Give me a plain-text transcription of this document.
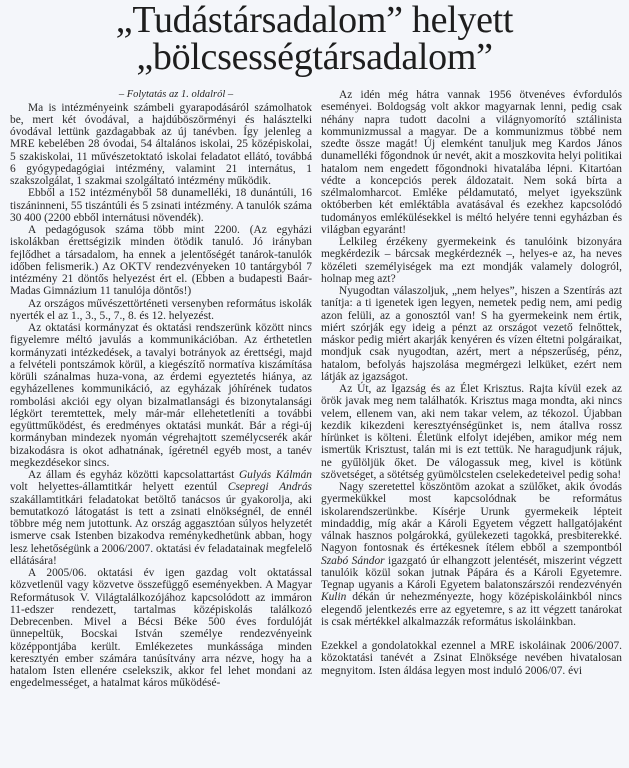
„Tudástársadalom” helyett
„bölcsességtársadalom”
– Folytatás az 1. oldalról –

Ma is intézményeink számbeli gyarapodásáról számolhatok be, mert két óvodával, a hajdúböszörményi és halásztelki óvodával lettünk gazdagabbak az új tanévben. Így jelenleg a MRE kebelében 28 óvodai, 54 általános iskolai, 25 középiskolai, 5 szakiskolai, 11 művészetoktató iskolai feladatot ellátó, továbbá 6 gyógypedagógiai intézmény, valamint 21 internátus, 1 szakszolgálat, 1 szakmai szolgáltató intézmény működik.

Ebből a 152 intézményből 58 dunamelléki, 18 dunántúli, 16 tiszáninneni, 55 tiszántúli és 5 zsinati intézmény. A tanulók száma 30 400 (2200 ebből internátusi növendék).

A pedagógusok száma több mint 2200. (Az egyházi iskolákban érettségizik minden ötödik tanuló. Jó irányban fejlődhet a társadalom, ha ennek a jelentőségét tanárok-tanulók időben felismerik.) Az OKTV rendezvényeken 10 tantárgyból 7 intézmény 21 döntős helyezést ért el. (Ebben a budapesti Baár-Madas Gimnázium 11 tanulója döntős!)

Az országos művészettörténeti versenyben református iskolák nyerték el az 1., 3., 5., 7., 8. és 12. helyezést.

Az oktatási kormányzat és oktatási rendszerünk között nincs figyelemre méltó javulás a kommunikációban. Az érthetetlen kormányzati intézkedések, a tavalyi botrányok az érettségi, majd a felvételi pontszámok körül, a kiegészítő normatíva kiszámítása körüli szánalmas huza-vona, az érdemi egyeztetés hiánya, az egyházellenes kommunikáció, az egyházak jóhírének tudatos rombolási akciói egy olyan bizalmatlansági és bizonytalansági légkört teremtettek, mely már-már ellehetetleníti a további együttműködést, és eredményes oktatási munkát. Bár a régi-új kormányban mindezek nyomán végrehajtott személycserék akár bizakodásra is okot adhatnának, ígéretnél egyéb most, a tanév megkezdésekor sincs.

Az állam és egyház közötti kapcsolattartást Gulyás Kálmán volt helyettes-államtitkár helyett ezentúl Csepregi András szakállamtitkári feladatokat betöltő tanácsos úr gyakorolja, aki bemutatkozó látogatást is tett a zsinati elnökségnél, de ennél többre még nem jutottunk. Az ország aggasztóan súlyos helyzetét ismerve csak Istenben bizakodva reménykedhetünk abban, hogy lesz lehetőségünk a 2006/2007. oktatási év feladatainak megfelelő ellátására!

A 2005/06. oktatási év igen gazdag volt oktatással közvetlenül vagy közvetve összefüggő eseményekben. A Magyar Reformátusok V. Világtalálkozójához kapcsolódott az immáron 11-edszer rendezett, tartalmas középiskolás találkozó Debrecenben. Mivel a Bécsi Béke 500 éves fordulóját ünnepeltük, Bocskai István személye rendezvényeink középpontjába került. Emlékezetes munkássága minden keresztyén ember számára tanúsítvány arra nézve, hogy ha a hatalom Isten ellenére cselekszik, akkor fel lehet mondani az engedelmességet, a hatalmat káros működésé-

Az idén még hátra vannak 1956 ötvenéves évfordulós eseményei. Boldogság volt akkor magyarnak lenni, pedig csak néhány napra tudott dacolni a világnyomorító sztálinista kommunizmussal a magyar. De a kommunizmus többé nem szedte össze magát! Új elemként tanuljuk meg Kardos János dunamelléki főgondnok úr nevét, akit a moszkovita helyi politikai hatalom nem engedett főgondnoki hivatalába lépni. Kitartóan védte a koncepciós perek áldozatait. Nem soká bírta a szélmalomharcot. Emléke példamutató, melyet igyekszünk októberben két emléktábla avatásával és ezekhez kapcsolódó tudományos emlékülésekkel is méltó helyére tenni egyházban és világban egyaránt!

Lelkileg érzékeny gyermekeink és tanulóink bizonyára megkérdezik – bárcsak megkérdeznék –, helyes-e az, ha neves közéleti személyiségek ma ezt mondják valamely dologról, holnap meg azt?

Nyugodtan válaszoljuk, „nem helyes”, hiszen a Szentírás azt tanítja: a ti igenetek igen legyen, nemetek pedig nem, ami pedig azon felüli, az a gonosztól van! S ha gyermekeink nem értik, miért szórják egy ideig a pénzt az országot vezető felnőttek, máskor pedig miért akarják kenyéren és vízen éltetni polgáraikat, mondjuk csak nyugodtan, azért, mert a népszerűség, pénz, hatalom, befolyás hajszolása megmérgezi lelküket, ezért nem látják az igazságot.

Az Út, az Igazság és az Élet Krisztus. Rajta kívül ezek az örök javak meg nem találhatók. Krisztus maga mondta, aki nincs velem, ellenem van, aki nem takar velem, az tékozol. Újabban kezdik kikezdeni keresztyénségünket is, nem átallva rossz hírünket is költeni. Életünk elfolyt idejében, amikor még nem ismertük Krisztust, talán mi is ezt tettük. Ne haragudjunk rájuk, ne gyűlöljük őket. De válogassuk meg, kivel is kötünk szövetséget, a sötétség gyümölcstelen cselekedeteivel pedig soha!

Nagy szeretettel köszöntöm azokat a szülőket, akik óvodás gyermekükkel most kapcsolódnak be református iskolarendszerünkbe. Kísérje Urunk gyermekeik lépteit mindaddig, míg akár a Károli Egyetem végzett hallgatójaként válnak hasznos polgárokká, gyülekezeti tagokká, presbiterekké. Nagyon fontosnak és értékesnek ítélem ebből a szempontból Szabó Sándor igazgató úr elhangzott jelentését, miszerint végzett tanulóik közül sokan jutnak Pápára és a Károli Egyetemre. Tegnap ugyanis a Károli Egyetem balatonszárszói rendezvényén Kulin dékán úr nehezményezte, hogy középiskoláinkból nincs elegendő jelentkezés erre az egyetemre, s az itt végzett tanárokat is csak mértékkel alkalmazzák református iskoláinkban.

Ezekkel a gondolatokkal ezennel a MRE iskoláinak 2006/2007. közoktatási tanévét a Zsinat Elnöksége nevében hivatalosan megnyitom. Isten áldása legyen most induló 2006/07. évi
